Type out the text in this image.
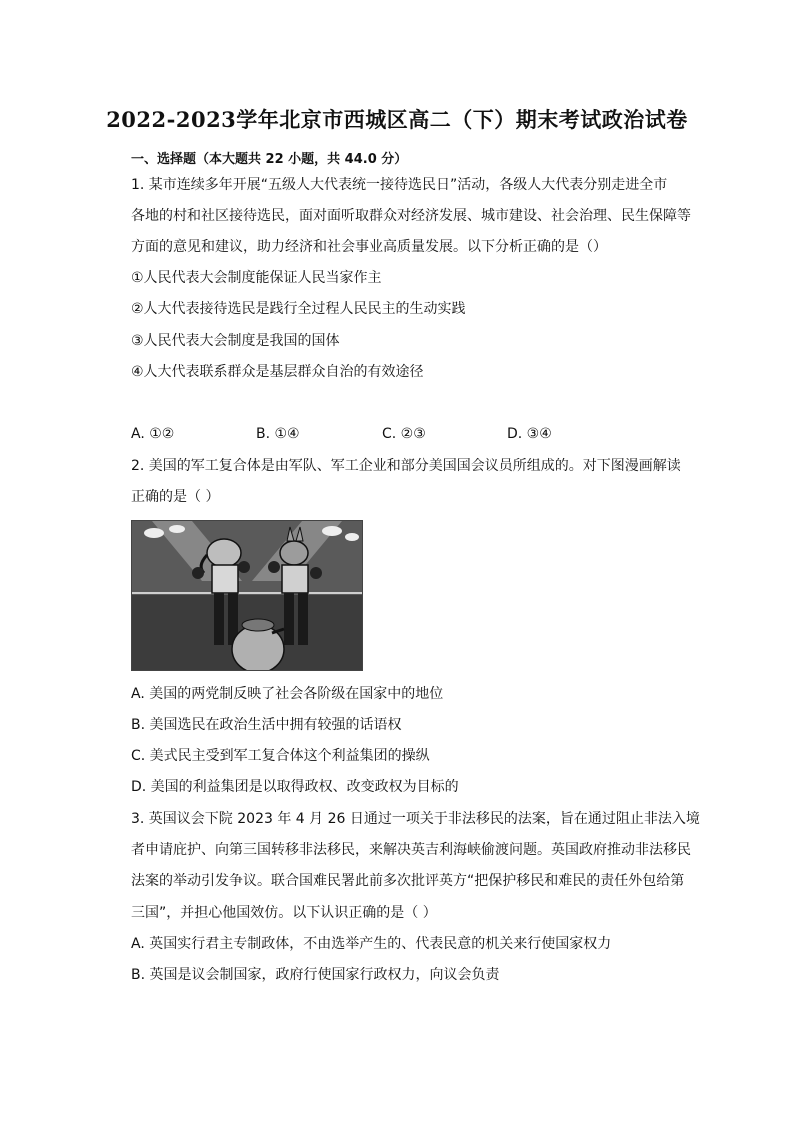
2022-2023学年北京市西城区高二（下）期末考试政治试卷
一、选择题（本大题共 22 小题，共 44.0 分）
1. 某市连续多年开展“五级人大代表统一接待选民日”活动，各级人大代表分别走进全市
各地的村和社区接待选民，面对面听取群众对经济发展、城市建设、社会治理、民生保障等
方面的意见和建议，助力经济和社会事业高质量发展。以下分析正确的是（）
①人民代表大会制度能保证人民当家作主
②人大代表接待选民是践行全过程人民民主的生动实践
③人民代表大会制度是我国的国体
④人大代表联系群众是基层群众自治的有效途径
A. ①②	B. ①④	C. ②③	D. ③④
2. 美国的军工复合体是由军队、军工企业和部分美国国会议员所组成的。对下图漫画解读
正确的是（ ）
A. 美国的两党制反映了社会各阶级在国家中的地位
B. 美国选民在政治生活中拥有较强的话语权
C. 美式民主受到军工复合体这个利益集团的操纵
D. 美国的利益集团是以取得政权、改变政权为目标的
3. 英国议会下院 2023 年 4 月 26 日通过一项关于非法移民的法案，旨在通过阻止非法入境
者申请庇护、向第三国转移非法移民，来解决英吉利海峡偷渡问题。英国政府推动非法移民
法案的举动引发争议。联合国难民署此前多次批评英方“把保护移民和难民的责任外包给第
三国”，并担心他国效仿。以下认识正确的是（ ）
A. 英国实行君主专制政体，不由选举产生的、代表民意的机关来行使国家权力
B. 英国是议会制国家，政府行使国家行政权力，向议会负责
